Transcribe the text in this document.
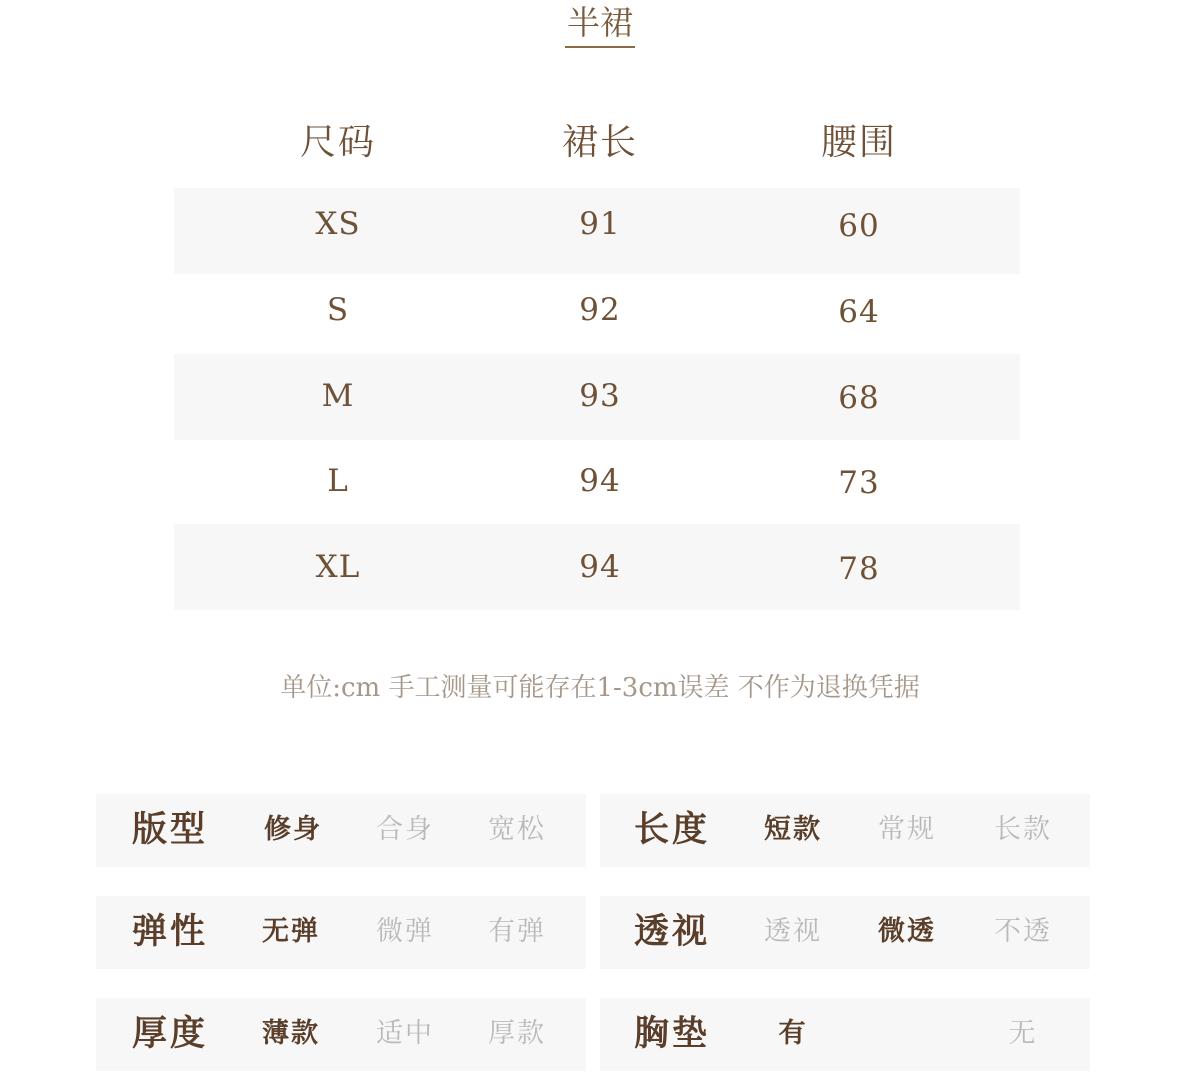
半裙
尺码	裙长	腰围
XS	91	60
S	92	64
M	93	68
L	94	73
XL	94	78
单位:cm 手工测量可能存在1-3cm误差 不作为退换凭据
版型	修身	合身	宽松	长度	短款	常规	长款
弹性	无弹	微弹	有弹	透视	透视	微透	不透
厚度	薄款	适中	厚款	胸垫	有	无
